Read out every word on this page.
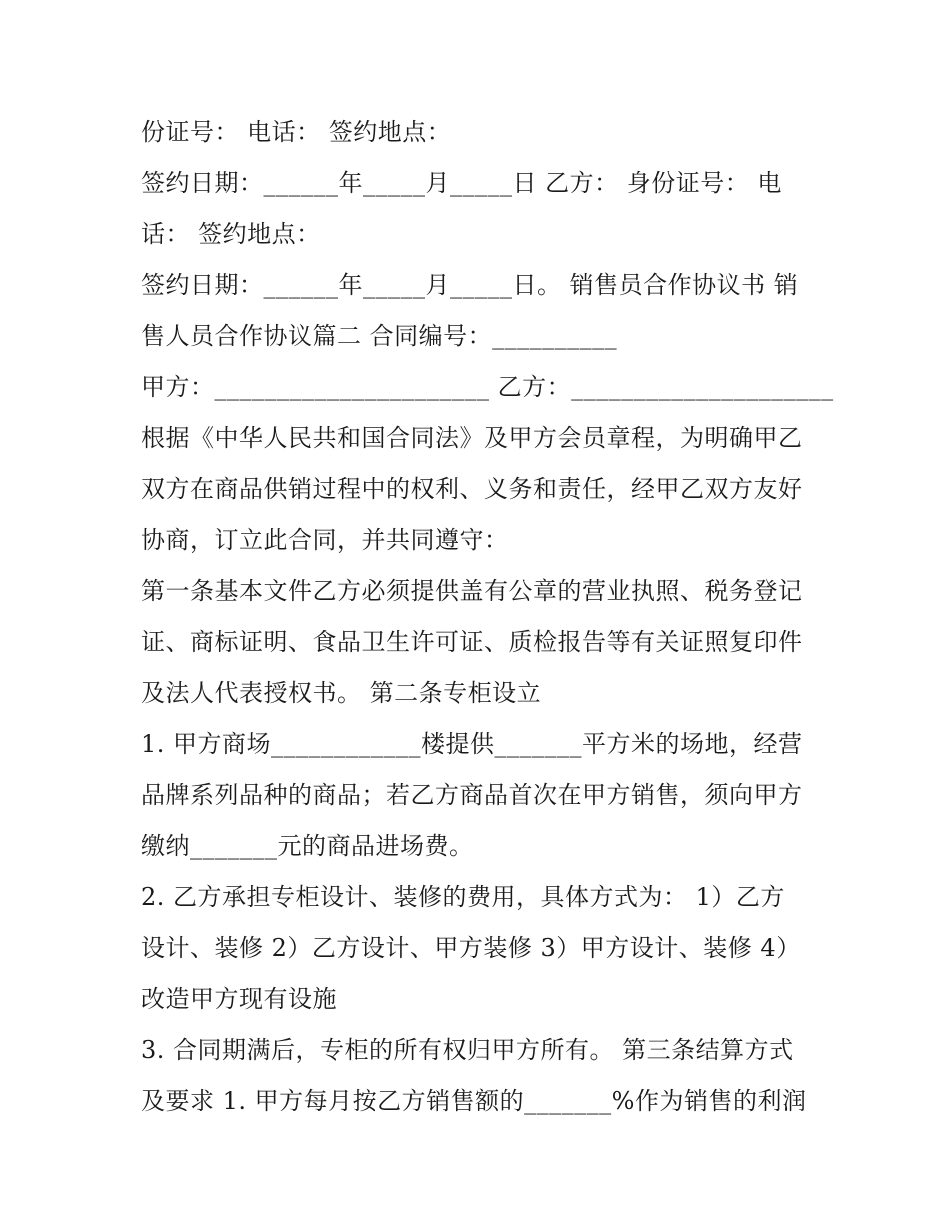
份证号： 电话： 签约地点：
签约日期：______年_____月_____日 乙方： 身份证号： 电
话： 签约地点：
签约日期：______年_____月_____日。 销售员合作协议书 销
售人员合作协议篇二 合同编号：__________
甲方：______________________ 乙方：_____________________
根据《中华人民共和国合同法》及甲方会员章程，为明确甲乙
双方在商品供销过程中的权利、义务和责任，经甲乙双方友好
协商，订立此合同，并共同遵守：
第一条基本文件乙方必须提供盖有公章的营业执照、税务登记
证、商标证明、食品卫生许可证、质检报告等有关证照复印件
及法人代表授权书。 第二条专柜设立
1. 甲方商场____________楼提供_______平方米的场地，经营
品牌系列品种的商品；若乙方商品首次在甲方销售，须向甲方
缴纳_______元的商品进场费。
2. 乙方承担专柜设计、装修的费用，具体方式为： 1）乙方
设计、装修 2）乙方设计、甲方装修 3）甲方设计、装修 4）
改造甲方现有设施
3. 合同期满后，专柜的所有权归甲方所有。 第三条结算方式
及要求 1. 甲方每月按乙方销售额的_______%作为销售的利润
